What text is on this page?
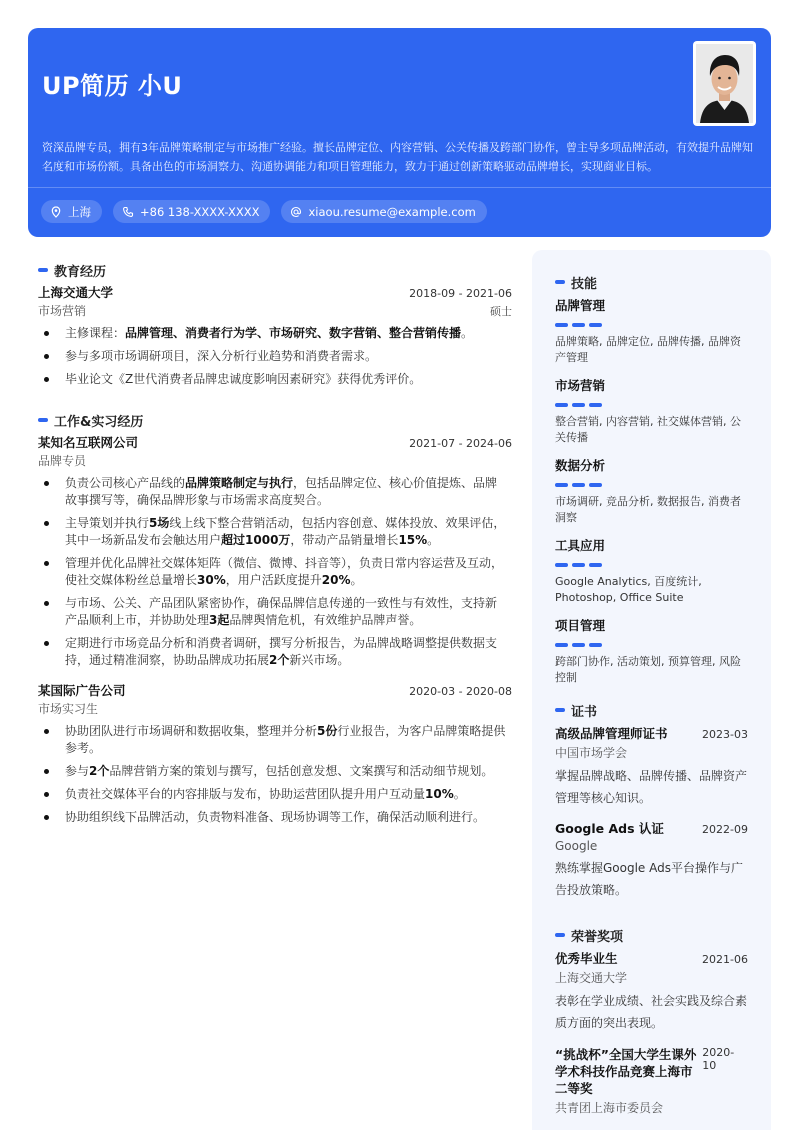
UP简历 小U
资深品牌专员，拥有3年品牌策略制定与市场推广经验。擅长品牌定位、内容营销、公关传播及跨部门协作，曾主导多项品牌活动，有效提升品牌知名度和市场份额。具备出色的市场洞察力、沟通协调能力和项目管理能力，致力于通过创新策略驱动品牌增长，实现商业目标。
上海	+86 138-XXXX-XXXX	xiaou.resume@example.com
教育经历
上海交通大学	2018-09 - 2021-06
市场营销	硕士
主修课程：品牌管理、消费者行为学、市场研究、数字营销、整合营销传播。
参与多项市场调研项目，深入分析行业趋势和消费者需求。
毕业论文《Z世代消费者品牌忠诚度影响因素研究》获得优秀评价。
工作&实习经历
某知名互联网公司	2021-07 - 2024-06
品牌专员
负责公司核心产品线的品牌策略制定与执行，包括品牌定位、核心价值提炼、品牌故事撰写等，确保品牌形象与市场需求高度契合。
主导策划并执行5场线上线下整合营销活动，包括内容创意、媒体投放、效果评估，其中一场新品发布会触达用户超过1000万，带动产品销量增长15%。
管理并优化品牌社交媒体矩阵（微信、微博、抖音等），负责日常内容运营及互动，使社交媒体粉丝总量增长30%，用户活跃度提升20%。
与市场、公关、产品团队紧密协作，确保品牌信息传递的一致性与有效性，支持新产品顺利上市，并协助处理3起品牌舆情危机，有效维护品牌声誉。
定期进行市场竞品分析和消费者调研，撰写分析报告，为品牌战略调整提供数据支持，通过精准洞察，协助品牌成功拓展2个新兴市场。
某国际广告公司	2020-03 - 2020-08
市场实习生
协助团队进行市场调研和数据收集，整理并分析5份行业报告，为客户品牌策略提供参考。
参与2个品牌营销方案的策划与撰写，包括创意发想、文案撰写和活动细节规划。
负责社交媒体平台的内容排版与发布，协助运营团队提升用户互动量10%。
协助组织线下品牌活动，负责物料准备、现场协调等工作，确保活动顺利进行。
技能
品牌管理
品牌策略, 品牌定位, 品牌传播, 品牌资产管理
市场营销
整合营销, 内容营销, 社交媒体营销, 公关传播
数据分析
市场调研, 竞品分析, 数据报告, 消费者洞察
工具应用
Google Analytics, 百度统计, Photoshop, Office Suite
项目管理
跨部门协作, 活动策划, 预算管理, 风险控制
证书
高级品牌管理师证书	2023-03
中国市场学会
掌握品牌战略、品牌传播、品牌资产管理等核心知识。
Google Ads 认证	2022-09
Google
熟练掌握Google Ads平台操作与广告投放策略。
荣誉奖项
优秀毕业生	2021-06
上海交通大学
表彰在学业成绩、社会实践及综合素质方面的突出表现。
“挑战杯”全国大学生课外学术科技作品竞赛上海市二等奖
2020-10
共青团上海市委员会
